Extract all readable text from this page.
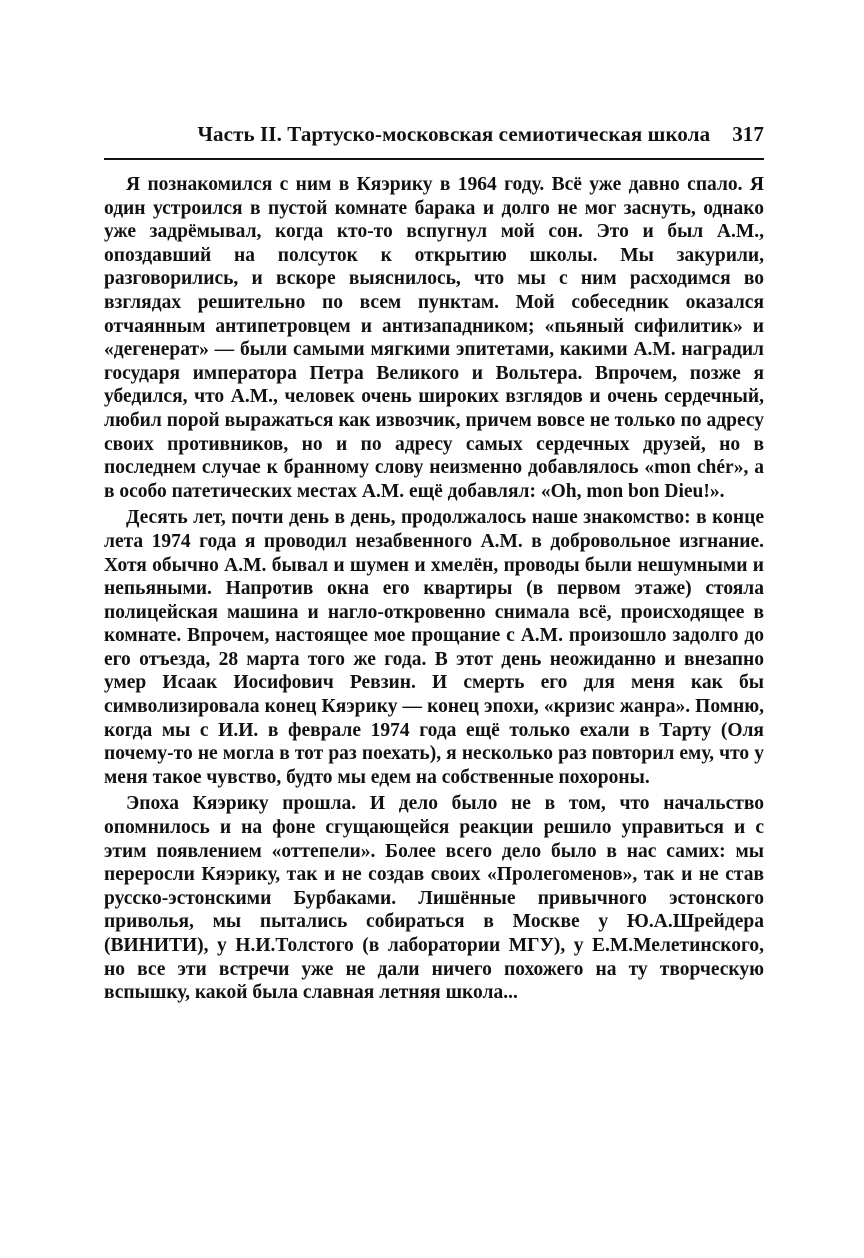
Часть II. Тартуско-московская семиотическая школа 317

Я познакомился с ним в Кяэрику в 1964 году. Всё уже давно спало. Я один устроился в пустой комнате барака и долго не мог заснуть, однако уже задрёмывал, когда кто-то вспугнул мой сон. Это и был А.М., опоздавший на полсуток к открытию школы. Мы закурили, разговорились, и вскоре выяснилось, что мы с ним расходимся во взглядах решительно по всем пунктам. Мой собеседник оказался отчаянным антипетровцем и антизападником; «пьяный сифилитик» и «дегенерат» — были самыми мягкими эпитетами, какими А.М. наградил государя императора Петра Великого и Вольтера. Впрочем, позже я убедился, что А.М., человек очень широких взглядов и очень сердечный, любил порой выражаться как извозчик, причем вовсе не только по адресу своих противников, но и по адресу самых сердечных друзей, но в последнем случае к бранному слову неизменно добавлялось «mon chér», а в особо патетических местах А.М. ещё добавлял: «Oh, mon bon Dieu!».

Десять лет, почти день в день, продолжалось наше знакомство: в конце лета 1974 года я проводил незабвенного А.М. в добровольное изгнание. Хотя обычно А.М. бывал и шумен и хмелён, проводы были нешумными и непьяными. Напротив окна его квартиры (в первом этаже) стояла полицейская машина и нагло-откровенно снимала всё, происходящее в комнате. Впрочем, настоящее мое прощание с А.М. произошло задолго до его отъезда, 28 марта того же года. В этот день неожиданно и внезапно умер Исаак Иосифович Ревзин. И смерть его для меня как бы символизировала конец Кяэрику — конец эпохи, «кризис жанра». Помню, когда мы с И.И. в феврале 1974 года ещё только ехали в Тарту (Оля почему-то не могла в тот раз поехать), я несколько раз повторил ему, что у меня такое чувство, будто мы едем на собственные похороны.

Эпоха Кяэрику прошла. И дело было не в том, что начальство опомнилось и на фоне сгущающейся реакции решило управиться и с этим появлением «оттепели». Более всего дело было в нас самих: мы переросли Кяэрику, так и не создав своих «Пролегоменов», так и не став русско-эстонскими Бурбаками. Лишённые привычного эстонского приволья, мы пытались собираться в Москве у Ю.А.Шрейдера (ВИНИТИ), у Н.И.Толстого (в лаборатории МГУ), у Е.М.Мелетинского, но все эти встречи уже не дали ничего похожего на ту творческую вспышку, какой была славная летняя школа...
